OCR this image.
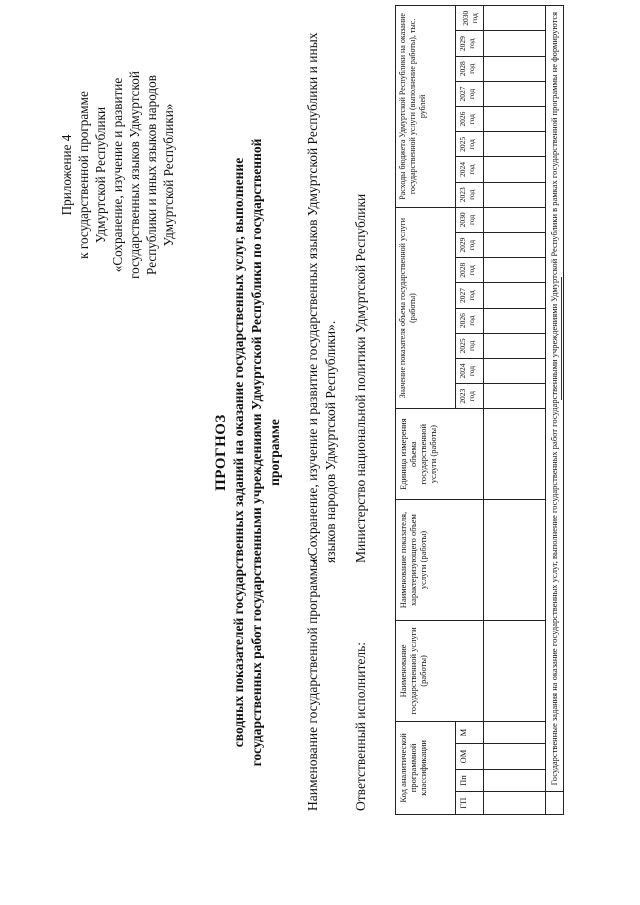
Приложение 4 к государственной программе Удмуртской Республики «Сохранение, изучение и развитие государственных языков Удмуртской Республики и иных языков народов Удмуртской Республики»
ПРОГНОЗ сводных показателей государственных заданий на оказание государственных услуг, выполнение государственных работ государственными учреждениями Удмуртской Республики по государственной программе
Наименование государственной программы:
«Сохранение, изучение и развитие государственных языков Удмуртской Республики и иных языков народов Удмуртской Республики».
Ответственный исполнитель:
Министерство национальной политики Удмуртской Республики
Код аналитической программной классификации				Наименование государственной услуги (работы)	Наименование показателя, характеризующего объем услуги (работы)	Единица измерения объема государственной услуги (работы)	Значение показателя объема государственной услуги (работы)								Расходы бюджета Удмуртской Республики на оказание государственной услуги (выполнение работы), тыс. рублей							
ГП	Пп	ОМ	М				2023 год	2024 год	2025 год	2026 год	2027 год	2028 год	2029 год	2030 год	2023 год	2024 год	2025 год	2026 год	2027 год	2028 год	2029 год	2030 год

	Государственные задания на оказание государственных услуг, выполнение государственных работ государственными учреждениями Удмуртской Республики в рамках государственной программы не формируются																					
